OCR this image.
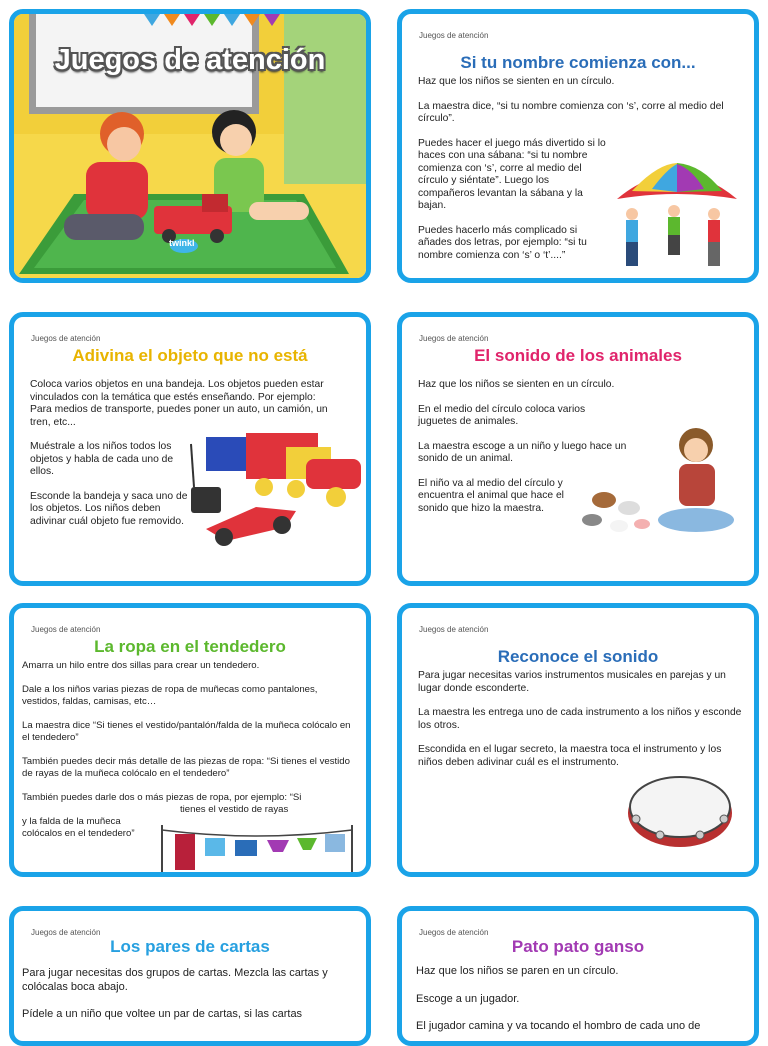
Juegos de atención
twinkl
Juegos de atención
Si tu nombre comienza con...

Haz que los niños se sienten en un círculo.

La maestra dice, “si tu nombre comienza con ‘s’, corre al medio del círculo”.

Puedes hacer el juego más divertido si lo haces con una sábana: “si tu nombre comienza con ‘s’, corre al medio del círculo y siéntate”. Luego los compañeros levantan la sábana y la bajan.

Puedes hacerlo más complicado si añades dos letras, por ejemplo: “si tu nombre comienza con ‘s’ o ‘t’....”

Juegos de atención
Adivina el objeto que no está

Coloca varios objetos en una bandeja. Los objetos pueden estar vinculados con la temática que estés enseñando. Por ejemplo: Para medios de transporte, puedes poner un auto, un camión, un tren, etc...

Muéstrale a los niños todos los objetos y habla de cada uno de ellos.

Esconde la bandeja y saca uno de los objetos. Los niños deben adivinar cuál objeto fue removido.

Juegos de atención
El sonido de los animales

Haz que los niños se sienten en un círculo.

En el medio del círculo coloca varios juguetes de animales.

La maestra escoge a un niño y luego hace un sonido de un animal.

El niño va al medio del círculo y encuentra el animal que hace el sonido que hizo la maestra.

Juegos de atención
La ropa en el tendedero

Amarra un hilo entre dos sillas para crear un tendedero.

Dale a los niños varias piezas de ropa de muñecas como pantalones, vestidos, faldas, camisas, etc…

La maestra dice “Si tienes el vestido/pantalón/falda de la muñeca colócalo en el tendedero”

También puedes decir más detalle de las piezas de ropa: “Si tienes el vestido de rayas de la muñeca colócalo en el tendedero”

También puedes darle dos o más piezas de ropa, por ejemplo: “Si
tienes el vestido de rayas

y la falda de la muñeca colócalos en el tendedero”

Juegos de atención
Reconoce el sonido

Para jugar necesitas varios instrumentos musicales en parejas y un lugar donde esconderte.

La maestra les entrega uno de cada instrumento a los niños y esconde los otros.

Escondida en el lugar secreto, la maestra toca el instrumento y los niños deben adivinar cuál es el instrumento.

Juegos de atención
Los pares de cartas

Para jugar necesitas dos grupos de cartas. Mezcla las cartas y colócalas boca abajo.

Pídele a un niño que voltee un par de cartas, si las cartas

Juegos de atención
Pato pato ganso

Haz que los niños se paren en un círculo.

Escoge a un jugador.

El jugador camina y va tocando el hombro de cada uno de
